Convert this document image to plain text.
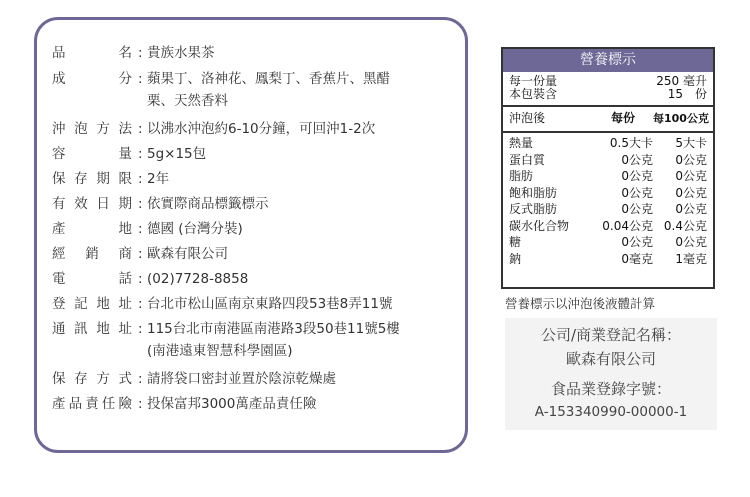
品	名 : 貴族水果茶
成	分 : 蘋果丁、洛神花、鳳梨丁、香蕉片、黑醋
栗、天然香料
沖 泡 方 法 : 以沸水沖泡約6-10分鐘，可回沖1-2次
容	量 : 5g×15包
保 存 期 限 : 2年
有 效 日 期 : 依實際商品標籤標示
產	地 : 德國 (台灣分裝)
經 銷 商 : 歐森有限公司
電	話 : (02)7728-8858
登 記 地 址 : 台北市松山區南京東路四段53巷8弄11號
通 訊 地 址 : 115台北市南港區南港路3段50巷11號5樓
(南港遠東智慧科學園區)
保 存 方 式 : 請將袋口密封並置於陰涼乾燥處
產 品 責 任 險 : 投保富邦3000萬產品責任險
營養標示
每一份量	250 毫升
本包裝含	15　份
沖泡後	每份 每100公克
熱量	0.5大卡 5大卡
蛋白質	0公克 0公克
脂肪	0公克 0公克
飽和脂肪	0公克 0公克
反式脂肪	0公克 0公克
碳水化合物	0.04公克 0.4公克
糖	0公克 0公克
鈉	0毫克 1毫克
營養標示以沖泡後液體計算
公司/商業登記名稱：
歐森有限公司
食品業登錄字號：
A-153340990-00000-1
